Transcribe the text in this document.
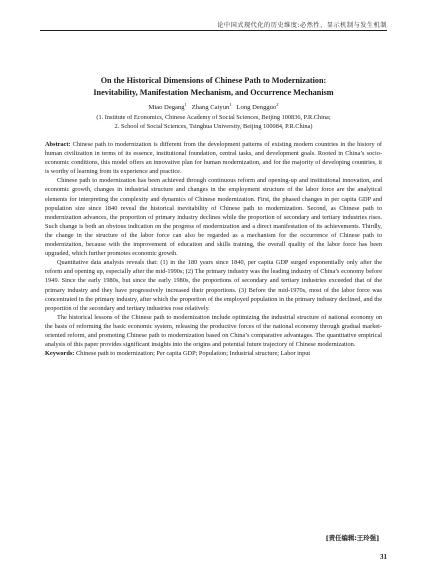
论中国式现代化的历史维度:必然性、显示机制与发生机制
On the Historical Dimensions of Chinese Path to Modernization:
Inevitability, Manifestation Mechanism, and Occurrence Mechanism
Miao Degang$^1$ Zhang Caiyun$^1$ Long Dengguo$^2$
(1. Institute of Economics, Chinese Academy of Social Sciences, Beijing 100836, P.R.China;
2. School of Social Sciences, Tsinghua University, Beijing 100084, P.R.China)

Abstract: Chinese path to modernization is different from the development patterns of existing modern countries in the history of human civilization in terms of its essence, institutional foundation, central tasks, and development goals. Rooted in China’s socio-economic conditions, this model offers an innovative plan for human modernization, and for the majority of developing countries, it is worthy of learning from its experience and practice.

Chinese path to modernization has been achieved through continuous reform and opening-up and institutional innovation, and economic growth, changes in industrial structure and changes in the employment structure of the labor force are the analytical elements for interpreting the complexity and dynamics of Chinese modernization. First, the phased changes in per capita GDP and population size since 1840 reveal the historical inevitability of Chinese path to modernization. Second, as Chinese path to modernization advances, the proportion of primary industry declines while the proportion of secondary and tertiary industries rises. Such change is both an obvious indication on the progress of modernization and a direct manifestation of its achievements. Thirdly, the change in the structure of the labor force can also be regarded as a mechanism for the occurrence of Chinese path to modernization, because with the improvement of education and skills training, the overall quality of the labor force has been upgraded, which further promotes economic growth.

Quantitative data analysis reveals that: (1) in the 180 years since 1840, per capita GDP surged exponentially only after the reform and opening up, especially after the mid-1990s; (2) The primary industry was the leading industry of China’s economy before 1949. Since the early 1980s, but since the early 1980s, the proportions of secondary and tertiary industries exceeded that of the primary industry and they have progressively increased their proportions. (3) Before the mid-1970s, most of the labor force was concentrated in the primary industry, after which the proportion of the employed population in the primary industry declined, and the proportion of the secondary and tertiary industries rose relatively.

The historical lessons of the Chinese path to modernization include optimizing the industrial structure of national economy on the basis of reforming the basic economic system, releasing the productive forces of the national economy through gradual market-oriented reform, and promoting Chinese path to modernization based on China’s comparative advantages. The quantitative empirical analysis of this paper provides significant insights into the origins and potential future trajectory of Chinese modernization.

Keywords: Chinese path to modernization; Per capita GDP; Population; Industrial structure; Labor input

[责任编辑:王玲强]
31
